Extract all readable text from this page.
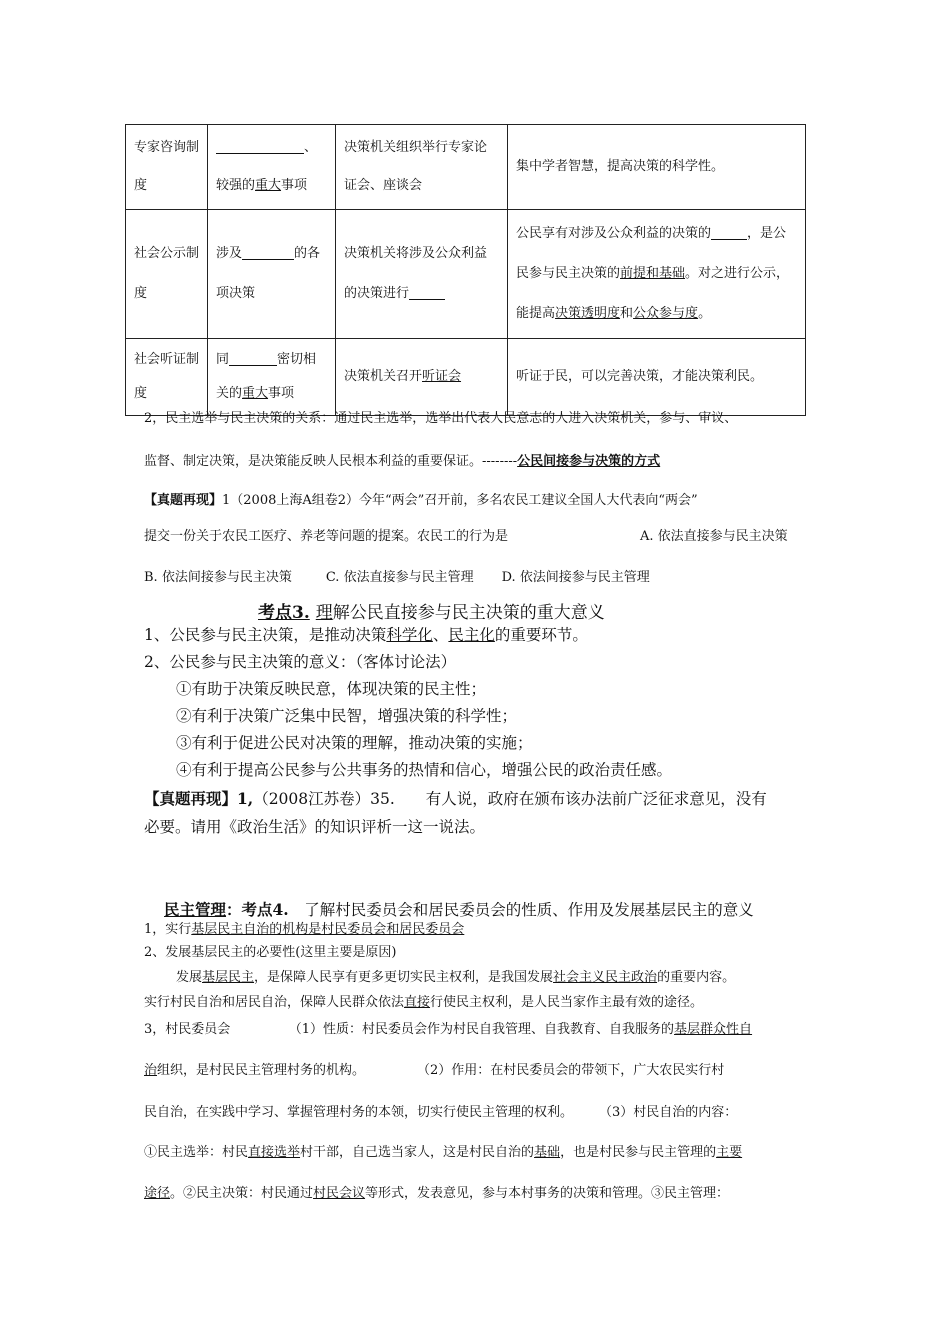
专家咨询制度	、较强的重大事项	决策机关组织举行专家论证会、座谈会	集中学者智慧，提高决策的科学性。
社会公示制度	涉及 的各项决策	决策机关将涉及公众利益的决策进行	公民享有对涉及公众利益的决策的 ，是公民参与民主决策的前提和基础。对之进行公示，能提高决策透明度和公众参与度。
社会听证制度	同 密切相关的重大事项	决策机关召开听证会	听证于民，可以完善决策，才能决策利民。
2，民主选举与民主决策的关系：通过民主选举，选举出代表人民意志的人进入决策机关，参与、审议、
监督、制定决策，是决策能反映人民根本利益的重要保证。--------公民间接参与决策的方式
【真题再现】1（2008上海A组卷2）今年“两会”召开前，多名农民工建议全国人大代表向“两会”
提交一份关于农民工医疗、养老等问题的提案。农民工的行为是	A. 依法直接参与民主决策
B. 依法间接参与民主决策	C. 依法直接参与民主管理 D. 依法间接参与民主管理
考点3. 理解公民直接参与民主决策的重大意义
1、公民参与民主决策，是推动决策科学化、民主化的重要环节。
2、公民参与民主决策的意义：（客体讨论法）
①有助于决策反映民意，体现决策的民主性；
②有利于决策广泛集中民智，增强决策的科学性；
③有利于促进公民对决策的理解，推动决策的实施；
④有利于提高公民参与公共事务的热情和信心，增强公民的政治责任感。
【真题再现】1,（2008江苏卷）35.　　有人说，政府在颁布该办法前广泛征求意见，没有
必要。请用《政治生活》的知识评析一这一说法。
民主管理：考点4.　了解村民委员会和居民委员会的性质、作用及发展基层民主的意义
1，实行基层民主自治的机构是村民委员会和居民委员会
2、发展基层民主的必要性(这里主要是原因)
发展基层民主，是保障人民享有更多更切实民主权利，是我国发展社会主义民主政治的重要内容。
实行村民自治和居民自治，保障人民群众依法直接行使民主权利，是人民当家作主最有效的途径。
3，村民委员会　　　　　（1）性质：村民委员会作为村民自我管理、自我教育、自我服务的基层群众性自
治组织，是村民民主管理村务的机构。　　　　　（2）作用：在村民委员会的带领下，广大农民实行村
民自治，在实践中学习、掌握管理村务的本领，切实行使民主管理的权利。　　　（3）村民自治的内容：
①民主选举：村民直接选举村干部，自己选当家人，这是村民自治的基础，也是村民参与民主管理的主要
途径。②民主决策：村民通过村民会议等形式，发表意见，参与本村事务的决策和管理。③民主管理：
